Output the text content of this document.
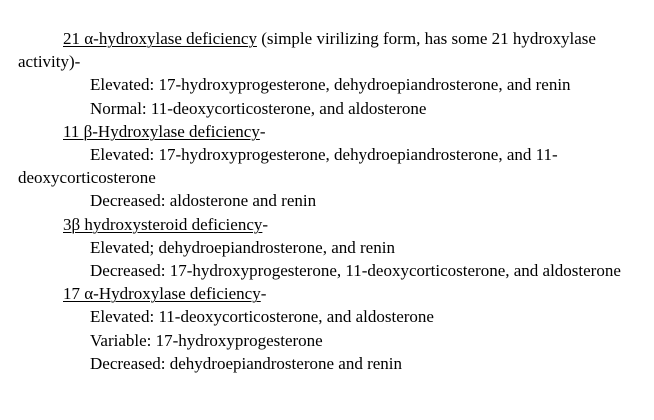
21 α-hydroxylase deficiency (simple virilizing form, has some 21 hydroxylase activity)-

Elevated: 17-hydroxyprogesterone, dehydroepiandrosterone, and renin

Normal: 11-deoxycorticosterone, and aldosterone

11 β-Hydroxylase deficiency-

Elevated: 17-hydroxyprogesterone, dehydroepiandrosterone, and 11-deoxycorticosterone

Decreased: aldosterone and renin

3β hydroxysteroid deficiency-

Elevated; dehydroepiandrosterone, and renin

Decreased: 17-hydroxyprogesterone, 11-deoxycorticosterone, and aldosterone

17 α-Hydroxylase deficiency-

Elevated: 11-deoxycorticosterone, and aldosterone

Variable: 17-hydroxyprogesterone

Decreased: dehydroepiandrosterone and renin
